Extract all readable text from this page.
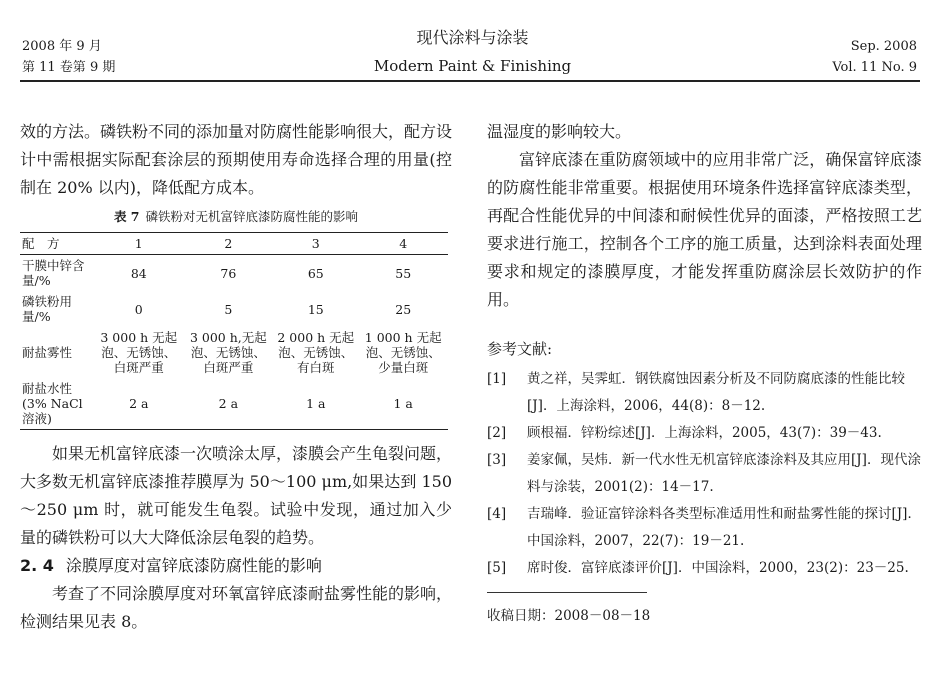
2008 年 9 月
第 11 卷第 9 期
现代涂料与涂装
Modern Paint & Finishing
Sep. 2008
Vol. 11 No. 9

效的方法。磷铁粉不同的添加量对防腐性能影响很大，配方设计中需根据实际配套涂层的预期使用寿命选择合理的用量(控制在 20% 以内)，降低配方成本。

表 7 磷铁粉对无机富锌底漆防腐性能的影响
配　方	1	2	3	4
干膜中锌含量/%	84	76	65	55
磷铁粉用量/%	0	5	15	25
耐盐雾性	3 000 h 无起泡、无锈蚀、白斑严重	3 000 h,无起泡、无锈蚀、白斑严重	2 000 h 无起泡、无锈蚀、有白斑	1 000 h 无起泡、无锈蚀、少量白斑
耐盐水性(3% NaCl 溶液)	2 a	2 a	1 a	1 a

如果无机富锌底漆一次喷涂太厚，漆膜会产生龟裂问题，大多数无机富锌底漆推荐膜厚为 50～100 μm,如果达到 150～250 μm 时，就可能发生龟裂。试验中发现，通过加入少量的磷铁粉可以大大降低涂层龟裂的趋势。

2. 4 涂膜厚度对富锌底漆防腐性能的影响

考查了不同涂膜厚度对环氧富锌底漆耐盐雾性能的影响，检测结果见表 8。

温湿度的影响较大。

富锌底漆在重防腐领域中的应用非常广泛，确保富锌底漆的防腐性能非常重要。根据使用环境条件选择富锌底漆类型，再配合性能优异的中间漆和耐候性优异的面漆，严格按照工艺要求进行施工，控制各个工序的施工质量，达到涂料表面处理要求和规定的漆膜厚度，才能发挥重防腐涂层长效防护的作用。

参考文献:
[1]	黄之祥，吴霁虹．钢铁腐蚀因素分析及不同防腐底漆的性能比较[J]．上海涂料，2006，44(8)：8－12.
[2]	顾根福．锌粉综述[J]．上海涂料，2005，43(7)：39－43.
[3]	姜家佩，吴炜．新一代水性无机富锌底漆涂料及其应用[J]．现代涂料与涂装，2001(2)：14－17.
[4]	吉瑞峰．验证富锌涂料各类型标准适用性和耐盐雾性能的探讨[J]．中国涂料，2007，22(7)：19－21.
[5]	席时俊．富锌底漆评价[J]．中国涂料，2000，23(2)：23－25.
收稿日期：2008－08－18
